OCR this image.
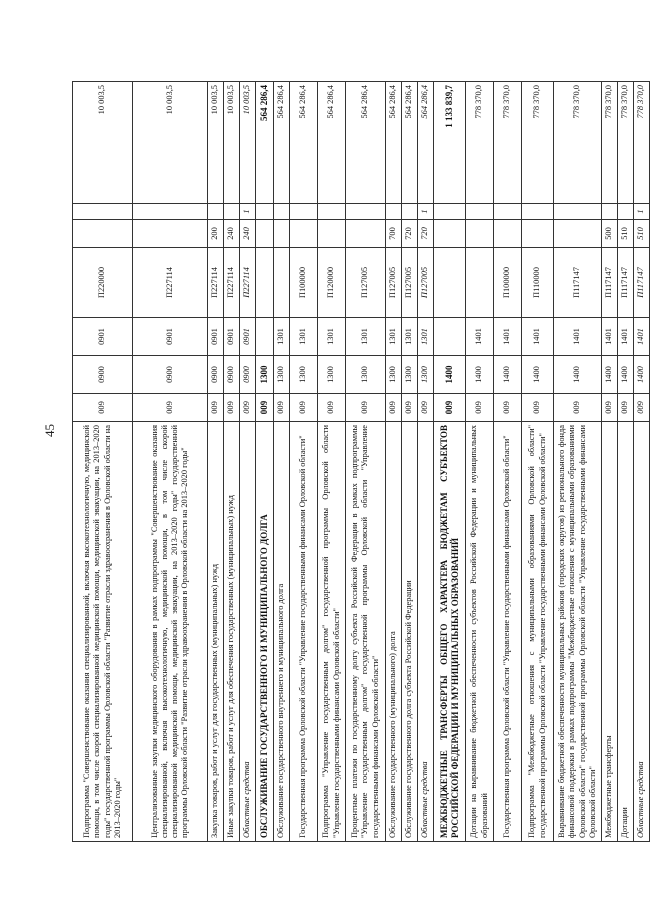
45	Подпрограмма "Совершенствование оказания специализированной, включая высокотехнологичную, медицинской помощи, в том числе скорой специализированной медицинской помощи, медицинской эвакуации, на 2013–2020 годы" государственной программы Орловской области "Развитие отрасли здравоохранения в Орловской области на 2013–2020 годы"	009	0900	0901	П220000			10 003,5
Централизованные закупки медицинского оборудования в рамках подпрограммы "Совершенствование оказания специализированной, включая высокотехнологичную, медицинской помощи, в том числе скорой специализированной медицинской помощи, медицинской эвакуации, на 2013–2020 годы" государственной программы Орловской области "Развитие отрасли здравоохранения в Орловской области на 2013–2020 годы"	009	0900	0901	П227114			10 003,5
Закупка товаров, работ и услуг для государственных (муниципальных) нужд	009	0900	0901	П227114	200		10 003,5
Иные закупки товаров, работ и услуг для обеспечения государственных (муниципальных) нужд	009	0900	0901	П227114	240		10 003,5
Областные средства	009	0900	0901	П227114	240	1	10 003,5
ОБСЛУЖИВАНИЕ ГОСУДАРСТВЕННОГО И МУНИЦИПАЛЬНОГО ДОЛГА	009	1300					564 286,4
Обслуживание государственного внутреннего и муниципального долга	009	1300	1301				564 286,4
Государственная программа Орловской области "Управление государственными финансами Орловской области"	009	1300	1301	П100000			564 286,4
Подпрограмма "Управление государственным долгом" государственной программы Орловской области "Управление государственными финансами Орловской области"	009	1300	1301	П120000			564 286,4
Процентные платежи по государственному долгу субъекта Российской Федерации в рамках подпрограммы "Управление государственным долгом" государственной программы Орловской области "Управление государственными финансами Орловской области"	009	1300	1301	П127005			564 286,4
Обслуживание государственного (муниципального) долга	009	1300	1301	П127005	700		564 286,4
Обслуживание государственного долга субъекта Российской Федерации	009	1300	1301	П127005	720		564 286,4
Областные средства	009	1300	1301	П127005	720	1	564 286,4
МЕЖБЮДЖЕТНЫЕ ТРАНСФЕРТЫ ОБЩЕГО ХАРАКТЕРА БЮДЖЕТАМ СУБЪЕКТОВ РОССИЙСКОЙ ФЕДЕРАЦИИ И МУНИЦИПАЛЬНЫХ ОБРАЗОВАНИЙ	009	1400					1 133 839,7
Дотации на выравнивание бюджетной обеспеченности субъектов Российской Федерации и муниципальных образований	009	1400	1401				778 370,0
Государственная программа Орловской области "Управление государственными финансами Орловской области"	009	1400	1401	П100000			778 370,0
Подпрограмма "Межбюджетные отношения с муниципальными образованиями Орловской области" государственной программы Орловской области "Управление государственными финансами Орловской области"	009	1400	1401	П110000			778 370,0
Выравнивание бюджетной обеспеченности муниципальных районов (городских округов) из регионального фонда финансовой поддержки в рамках подпрограммы "Межбюджетные отношения с муниципальными образованиями Орловской области" государственной программы Орловской области "Управление государственными финансами Орловской области"	009	1400	1401	П117147			778 370,0
Межбюджетные трансферты	009	1400	1401	П117147	500		778 370,0
Дотации	009	1400	1401	П117147	510		778 370,0
Областные средства	009	1400	1401	П117147	510	1	778 370,0
